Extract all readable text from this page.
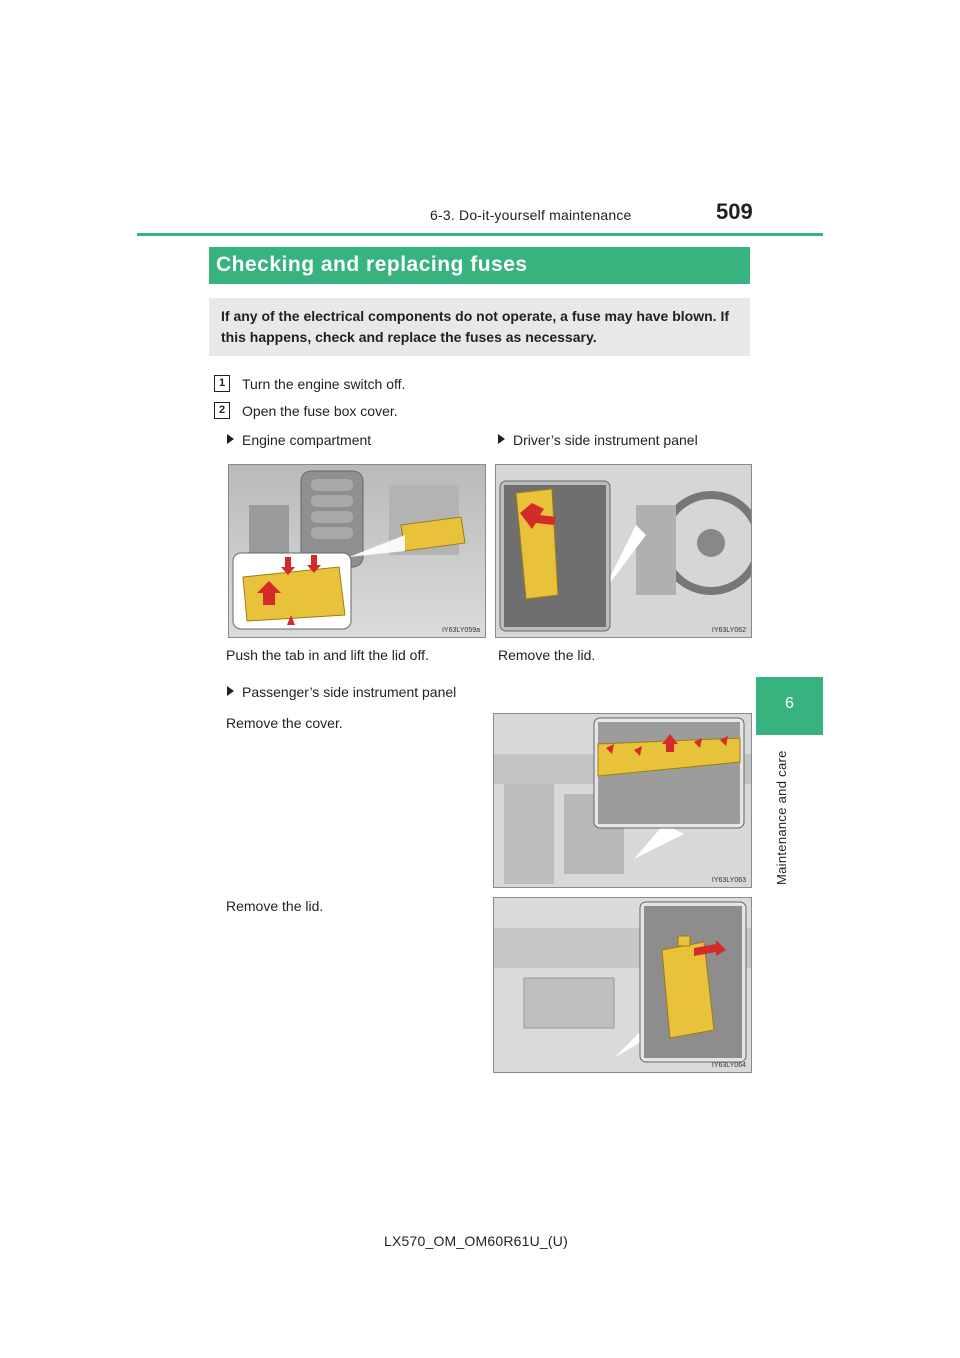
6-3. Do-it-yourself maintenance	509
6
Maintenance and care
Checking and replacing fuses
If any of the electrical components do not operate, a fuse may have blown. If this happens, check and replace the fuses as necessary.
1	Turn the engine switch off.
2	Open the fuse box cover.
Engine compartment	Driver’s side instrument panel
IY63LY059a	IY63LY062
Push the tab in and lift the lid off.	Remove the lid.
Passenger’s side instrument panel
Remove the cover.
IY63LY063
Remove the lid.
IY63LY064
LX570_OM_OM60R61U_(U)
